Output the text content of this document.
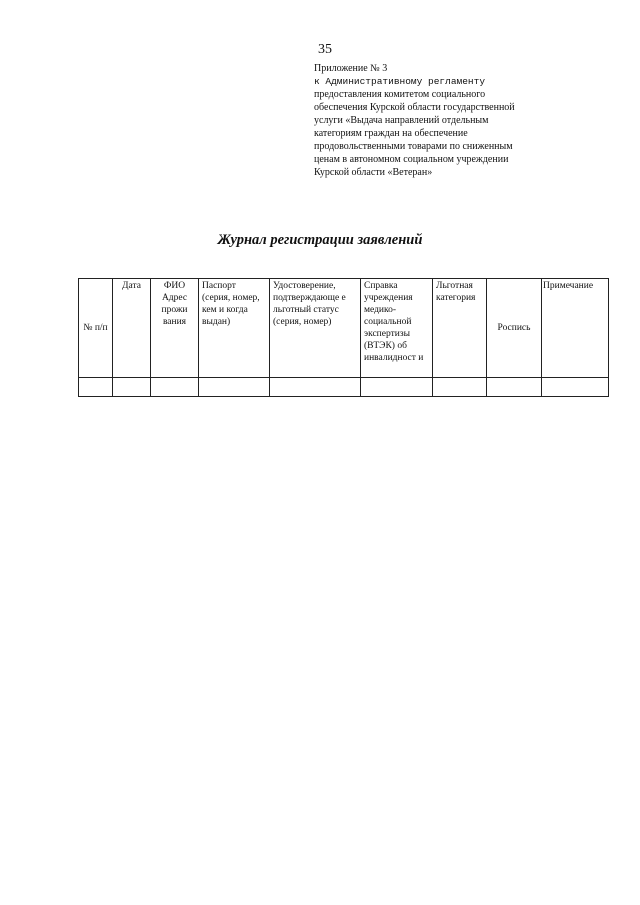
35
Приложение № 3
к Административному регламенту
предоставления комитетом социального
обеспечения Курской области государственной
услуги «Выдача направлений отдельным
категориям граждан на обеспечение
продовольственными товарами по сниженным
ценам в автономном социальном учреждении
Курской области «Ветеран»
Журнал регистрации заявлений
№ п/п	Дата	ФИО Адрес прожи вания	Паспорт (серия, номер, кем и когда выдан)	Удостоверение, подтверждающе е льготный статус (серия, номер)	Справка учреждения медико-социальной экспертизы (ВТЭК) об инвалидност и	Льготная категория	Роспись	Примечание
